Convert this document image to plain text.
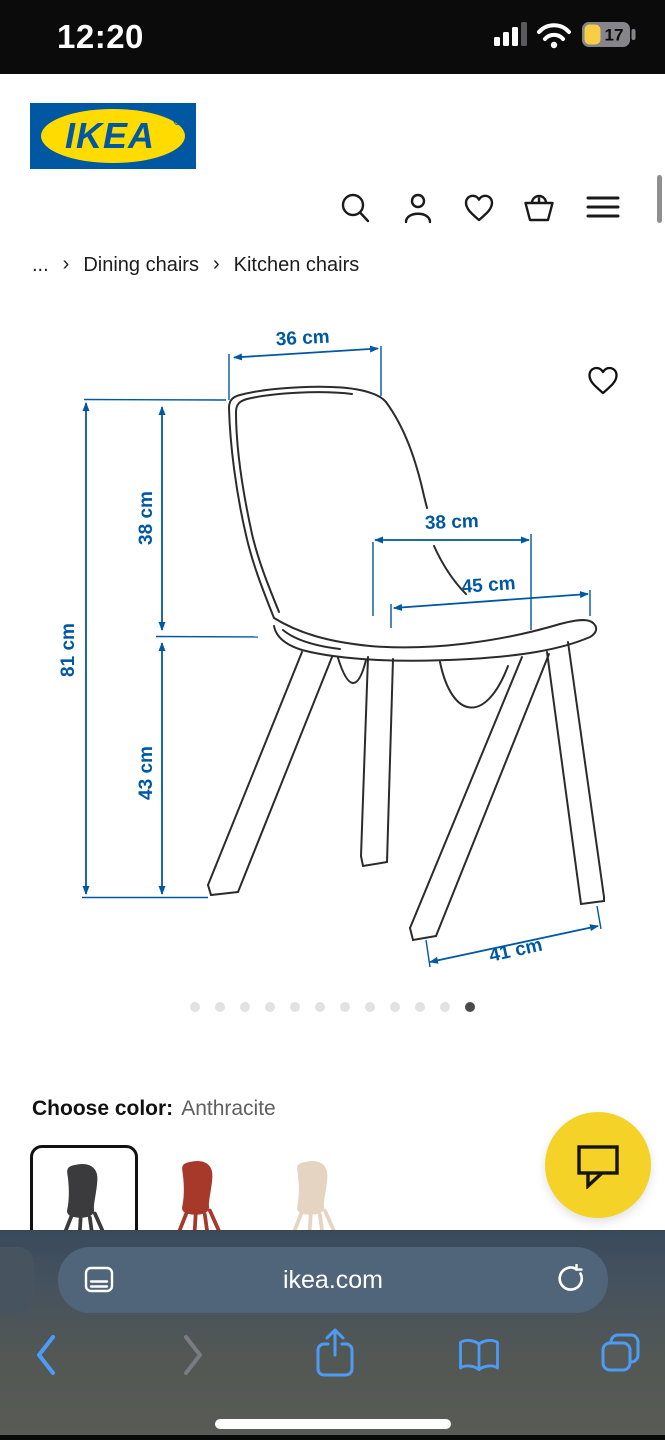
12:20	17
IKEA ®
... › Dining chairs › Kitchen chairs
36 cm
38 cm
81 cm
38 cm
45 cm
43 cm
41 cm
Choose color: Anthracite
ikea.com
